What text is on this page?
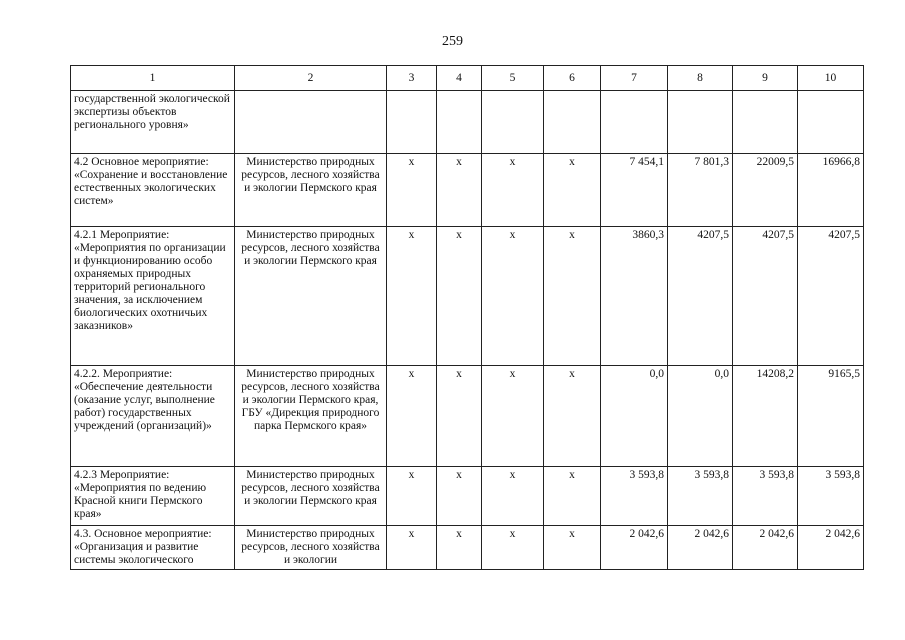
259
1	2	3	4	5	6	7	8	9	10
государственной экологической экспертизы объектов регионального уровня»									
4.2 Основное мероприятие: «Сохранение и восстановление естественных экологических систем»	Министерство природных ресурсов, лесного хозяйства и экологии Пермского края	x	x	x	x	7 454,1	7 801,3	22009,5	16966,8
4.2.1 Мероприятие: «Мероприятия по организации и функционированию особо охраняемых природных территорий регионального значения, за исключением биологических охотничьих заказников»	Министерство природных ресурсов, лесного хозяйства и экологии Пермского края	x	x	x	x	3860,3	4207,5	4207,5	4207,5
4.2.2. Мероприятие: «Обеспечение деятельности (оказание услуг, выполнение работ) государственных учреждений (организаций)»	Министерство природных ресурсов, лесного хозяйства и экологии Пермского края, ГБУ «Дирекция природного парка Пермского края»	x	x	x	x	0,0	0,0	14208,2	9165,5
4.2.3 Мероприятие: «Мероприятия по ведению Красной книги Пермского края»	Министерство природных ресурсов, лесного хозяйства и экологии Пермского края	x	x	x	x	3 593,8	3 593,8	3 593,8	3 593,8
4.3. Основное мероприятие: «Организация и развитие системы экологического	Министерство природных ресурсов, лесного хозяйства и экологии	x	x	x	x	2 042,6	2 042,6	2 042,6	2 042,6
